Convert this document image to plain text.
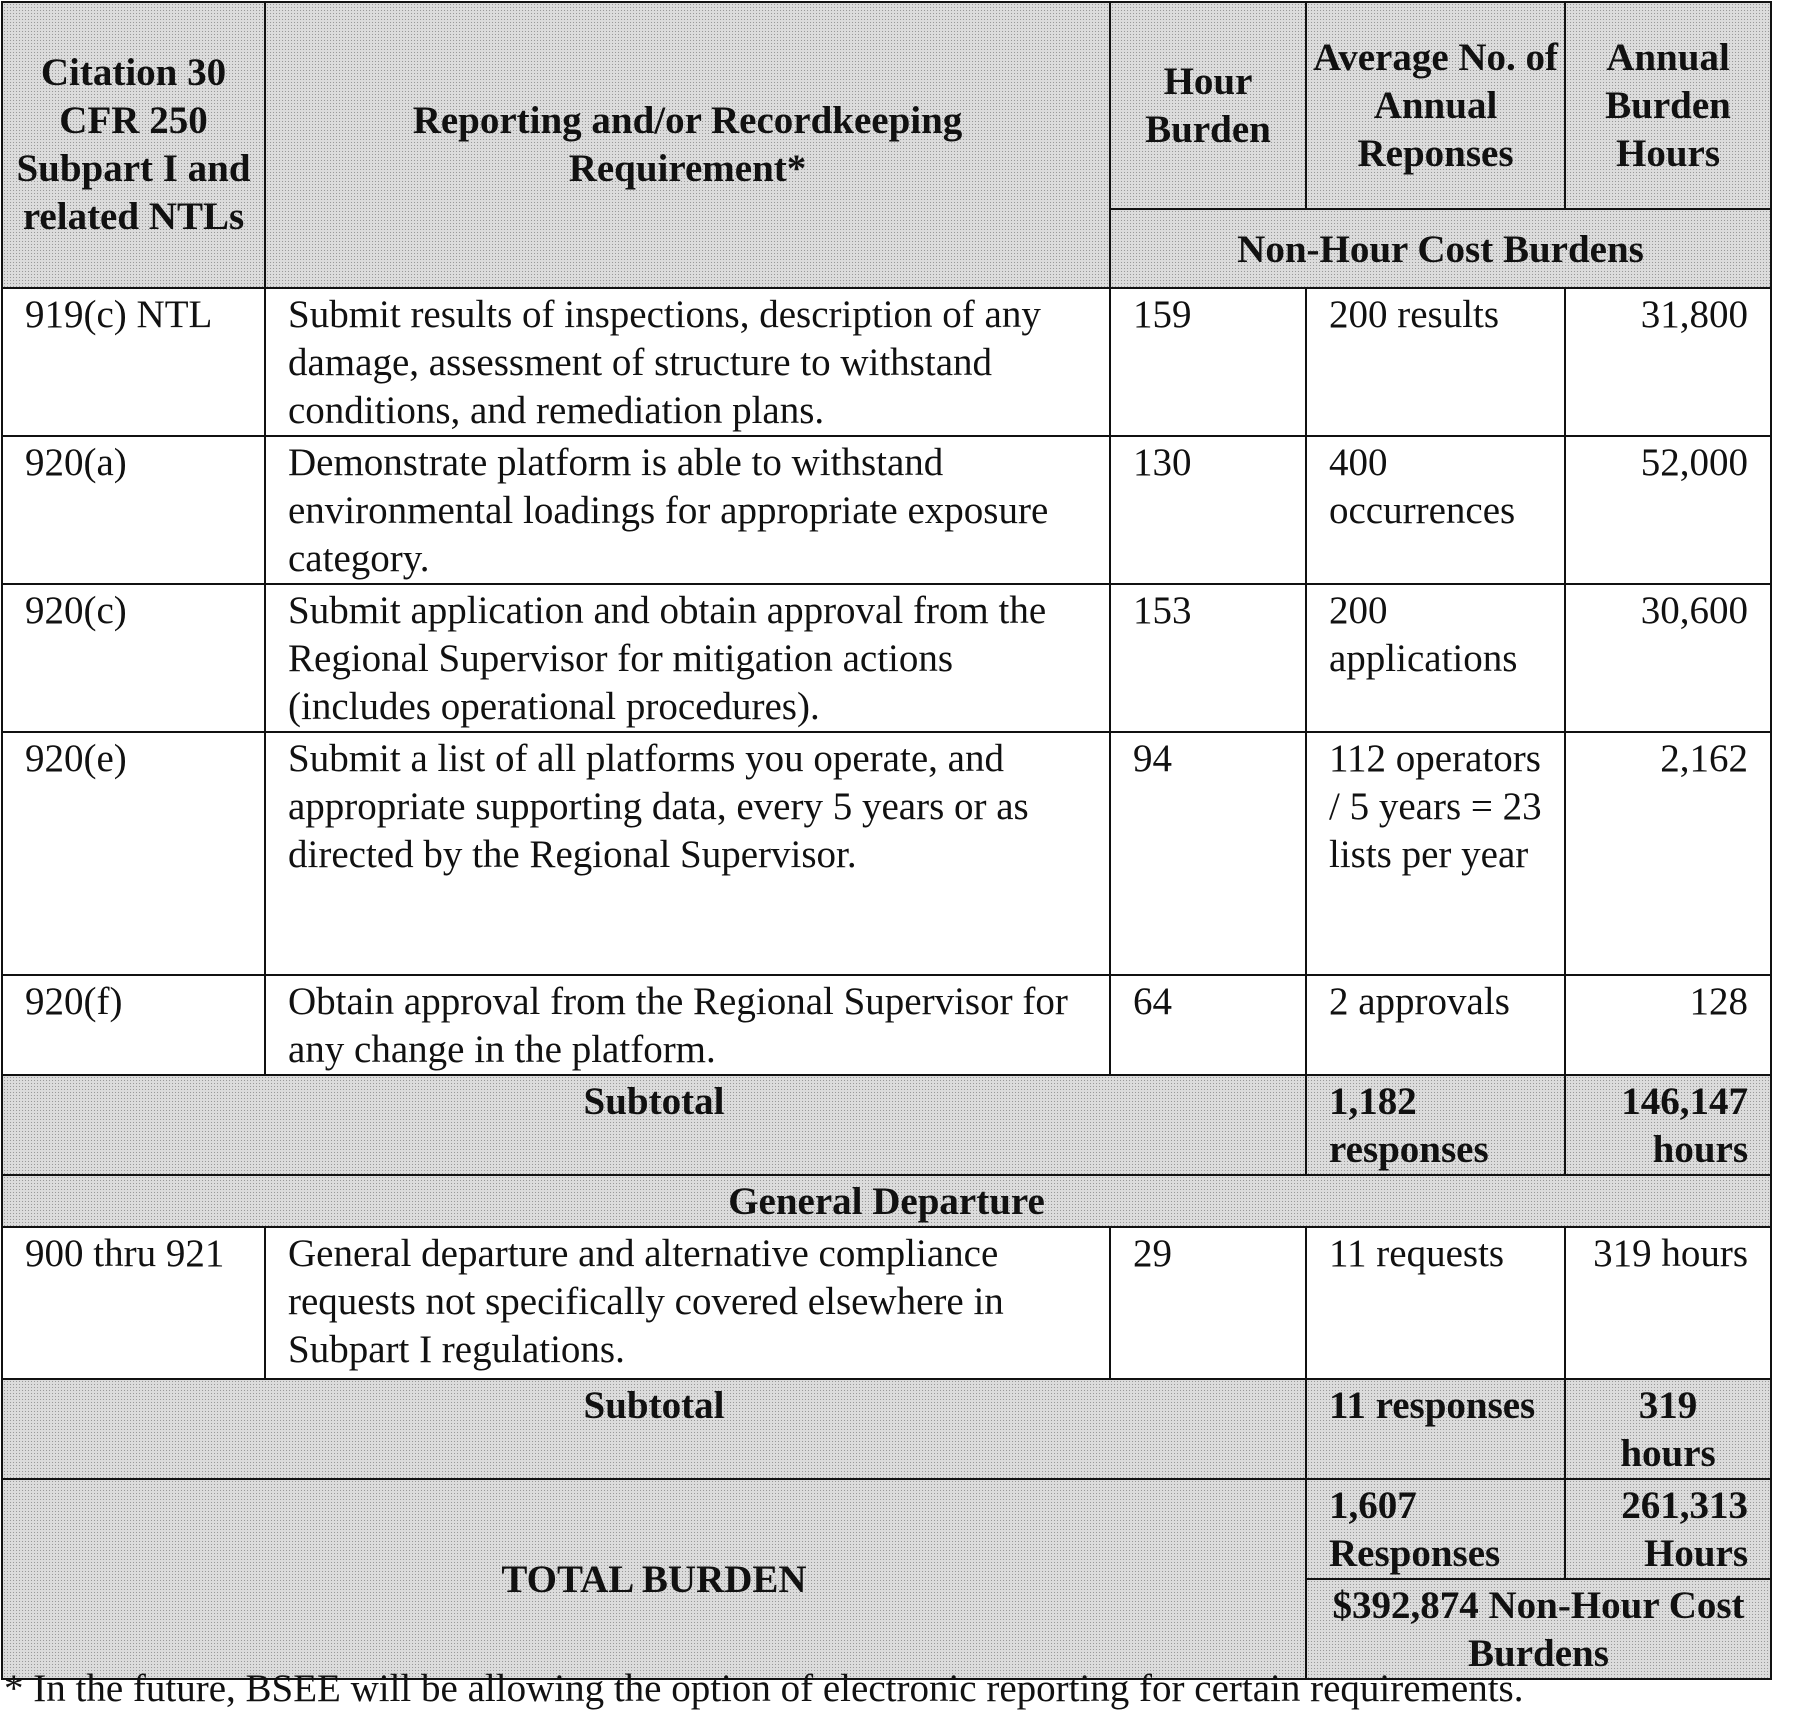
Citation 30 CFR 250 Subpart I and related NTLs	Reporting and/or Recordkeeping Requirement*	Hour Burden	Average No. of Annual Reponses	Annual Burden Hours
		Non-Hour Cost Burdens		
919(c) NTL	Submit results of inspections, description of any damage, assessment of structure to withstand conditions, and remediation plans.	159	200 results	31,800
920(a)	Demonstrate platform is able to withstand environmental loadings for appropriate exposure category.	130	400 occurrences	52,000
920(c)	Submit application and obtain approval from the Regional Supervisor for mitigation actions (includes operational procedures).	153	200 applications	30,600
920(e)	Submit a list of all platforms you operate, and appropriate supporting data, every 5 years or as directed by the Regional Supervisor.	94	112 operators / 5 years = 23 lists per year	2,162
920(f)	Obtain approval from the Regional Supervisor for any change in the platform.	64	2 approvals	128
Subtotal			1,182 responses	146,147 hours
General Departure				
900 thru 921	General departure and alternative compliance requests not specifically covered elsewhere in Subpart I regulations.	29	11 requests	319 hours
Subtotal			11 responses	319 hours
TOTAL BURDEN			1,607 Responses	261,313 Hours
			$392,874 Non-Hour Cost Burdens	
* In the future, BSEE will be allowing the option of electronic reporting for certain requirements.
